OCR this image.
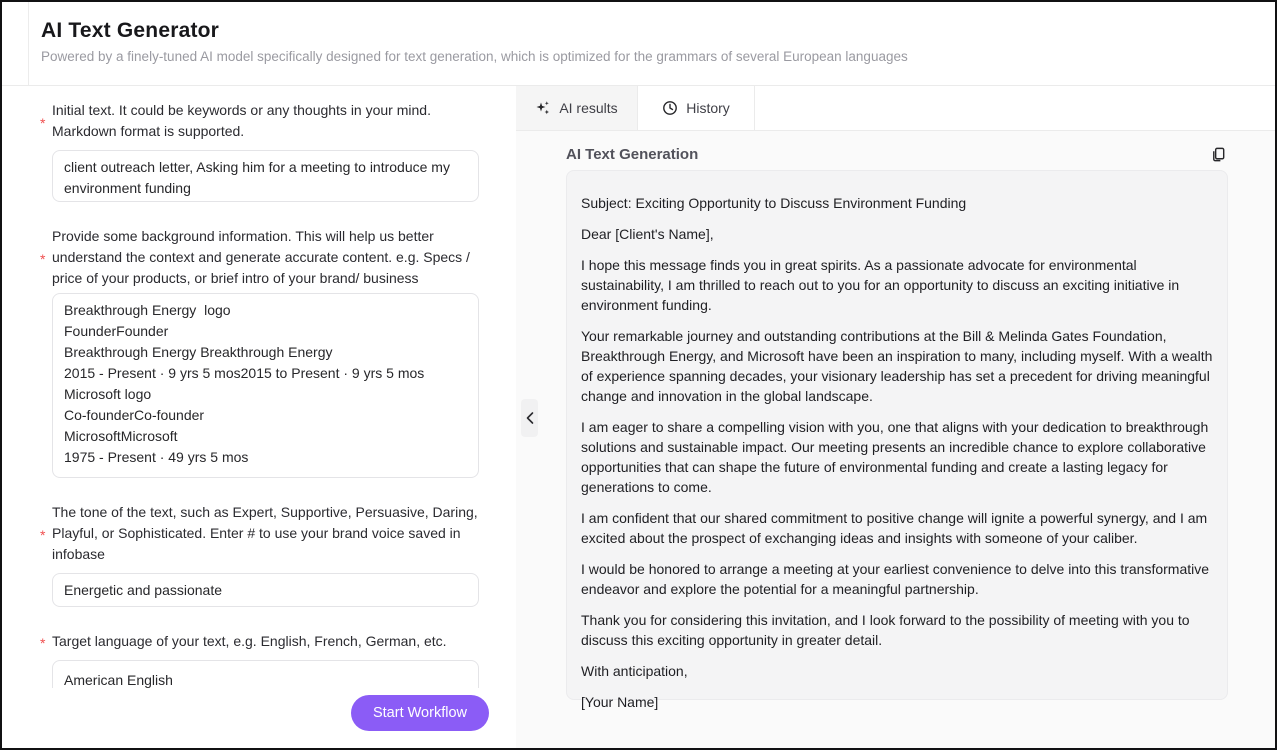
AI Text Generator
Powered by a finely-tuned AI model specifically designed for text generation, which is optimized for the grammars of several European languages
*
Initial text. It could be keywords or any thoughts in your mind. Markdown format is supported.
client outreach letter, Asking him for a meeting to introduce my environment funding
*
Provide some background information. This will help us better understand the context and generate accurate content. e.g. Specs / price of your products, or brief intro of your brand/ business
Breakthrough Energy logo FounderFounder Breakthrough Energy Breakthrough Energy 2015 - Present · 9 yrs 5 mos2015 to Present · 9 yrs 5 mos Microsoft logo Co-founderCo-founder MicrosoftMicrosoft 1975 - Present · 49 yrs 5 mos
*
The tone of the text, such as Expert, Supportive, Persuasive, Daring, Playful, or Sophisticated. Enter # to use your brand voice saved in infobase
Energetic and passionate
* Target language of your text, e.g. English, French, German, etc.
American English
Start Workflow
AI results	History
AI Text Generation

Subject: Exciting Opportunity to Discuss Environment Funding

Dear [Client's Name],

I hope this message finds you in great spirits. As a passionate advocate for environmental sustainability, I am thrilled to reach out to you for an opportunity to discuss an exciting initiative in environment funding.

Your remarkable journey and outstanding contributions at the Bill & Melinda Gates Foundation, Breakthrough Energy, and Microsoft have been an inspiration to many, including myself. With a wealth of experience spanning decades, your visionary leadership has set a precedent for driving meaningful change and innovation in the global landscape.

I am eager to share a compelling vision with you, one that aligns with your dedication to breakthrough solutions and sustainable impact. Our meeting presents an incredible chance to explore collaborative opportunities that can shape the future of environmental funding and create a lasting legacy for generations to come.

I am confident that our shared commitment to positive change will ignite a powerful synergy, and I am excited about the prospect of exchanging ideas and insights with someone of your caliber.

I would be honored to arrange a meeting at your earliest convenience to delve into this transformative endeavor and explore the potential for a meaningful partnership.

Thank you for considering this invitation, and I look forward to the possibility of meeting with you to discuss this exciting opportunity in greater detail.

With anticipation,

[Your Name]
